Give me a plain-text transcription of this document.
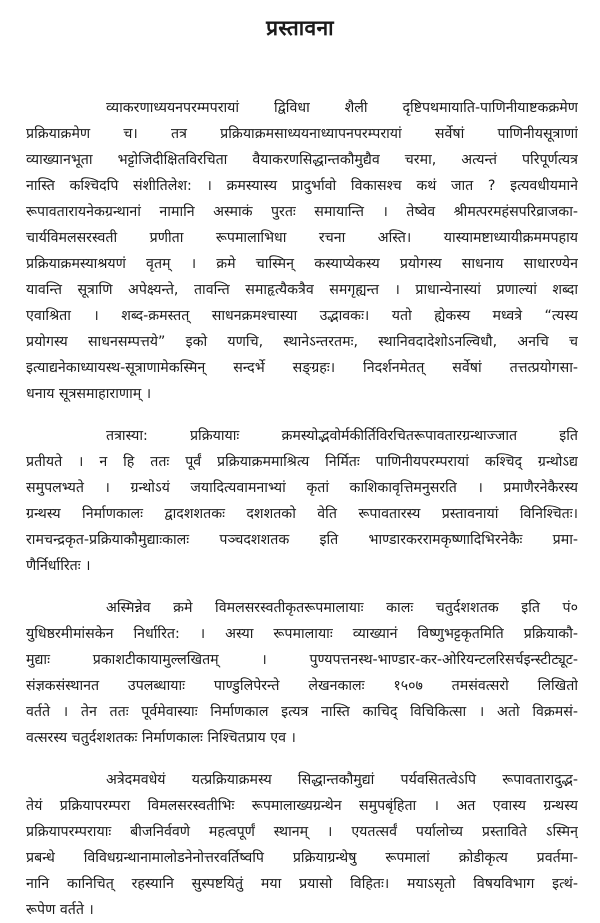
प्रस्तावना
व्याकरणाध्ययनपरम्मपरायां द्विविधा शैली दृष्टिपथमायाति-पाणिनीयाष्टकक्रमेण
प्रक्रियाक्रमेण च। तत्र प्रक्रियाक्रमसाध्ययनाध्यापनपरम्परायां सर्वेषां पाणिनीयसूत्राणां
व्याख्यानभूता भट्टोजिदीक्षितविरचिता वैयाकरणसिद्धान्तकौमुद्यैव चरमा, अत्यन्तं परिपूर्णत्यत्र
नास्ति कश्चिदपि संशीतिलेश: । क्रमस्यास्य प्रादुर्भावो विकासश्च कथं जात ? इत्यवधीयमाने
रूपावतारायनेकग्रन्थानां नामानि अस्माकं पुरतः समायान्ति । तेष्वेव श्रीमत्परमहंसपरिव्राजका-
चार्यविमलसरस्वती प्रणीता रूपमालाभिधा रचना अस्ति। यास्यामष्टाध्यायीक्रममपहाय
प्रक्रियाक्रमस्याश्रयणं वृतम् । क्रमे चास्मिन् कस्याप्येकस्य प्रयोगस्य साधनाय साधारण्येन
यावन्ति सूत्राणि अपेक्ष्यन्ते, तावन्ति समाहृत्यैकत्रैव समगृह्यन्त । प्राधान्येनास्यां प्रणाल्यां शब्दा
एवाश्रिता । शब्द-क्रमस्तत् साधनक्रमश्चास्या उद्भावकः। यतो ह्येकस्य मध्वत्रे “त्यस्य
प्रयोगस्य साधनसम्पत्तये” इको यणचि, स्थानेऽन्तरतमः, स्थानिवदादेशोऽनल्विधौ, अनचि च
इत्याद्यनेकाध्यायस्थ-सूत्राणामेकस्मिन् सन्दर्भे सङ्ग्रहः। निदर्शनमेतत् सर्वेषां तत्तत्प्रयोगसा-
धनाय सूत्रसमाहाराणाम् ।
तत्रास्या: प्रक्रियायाः क्रमस्योद्भवोर्मकीर्तिविरचितरूपावतारग्रन्थाज्जात इति
प्रतीयते । न हि ततः पूर्वं प्रक्रियाक्रममाश्रित्य निर्मितः पाणिनीयपरम्परायां कश्चिद् ग्रन्थोऽद्य
समुपलभ्यते । ग्रन्थोऽयं जयादित्यवामनाभ्यां कृतां काशिकावृत्तिमनुसरति । प्रमाणैरनेकैरस्य
ग्रन्थस्य निर्माणकालः द्वादशशतकः दशशतको वेति रूपावतारस्य प्रस्तावनायां विनिश्चितः।
रामचन्द्रकृत-प्रक्रियाकौमुद्याःकालः पञ्चदशशतक इति भाण्डारकररामकृष्णादिभिरनेकैः प्रमा-
णैर्निर्धारितः ।
अस्मिन्नेव क्रमे विमलसरस्वतीकृतरूपमालायाः कालः चतुर्दशशतक इति पं०
युधिष्ठरमीमांसकेन निर्धारित: । अस्या रूपमालायाः व्याख्यानं विष्णुभट्टकृतमिति प्रक्रियाकौ-
मुद्याः प्रकाशटीकायामुल्लखितम् । पुण्यपत्तनस्थ-भाण्डार-कर-ओरियन्टलरिसर्चइन्स्टीट्यूट-
संज्ञकसंस्थानत उपलब्धायाः पाण्डुलिपेरन्ते लेखनकालः १५०७ तमसंवत्सरो लिखितो
वर्तते । तेन ततः पूर्वमेवास्याः निर्माणकाल इत्यत्र नास्ति काचिद् विचिकित्सा । अतो विक्रमसं-
वत्सरस्य चतुर्दशशतकः निर्माणकालः निश्चितप्राय एव ।
अत्रेदमवधेयं यत्प्रक्रियाक्रमस्य सिद्धान्तकौमुद्यां पर्यवसितत्वेऽपि रूपावतारादुद्भ-
तेयं प्रक्रियापरम्परा विमलसरस्वतीभिः रूपमालाख्यग्रन्थेन समुपबृंहिता । अत एवास्य ग्रन्थस्य
प्रक्रियापरम्परायाः बीजनिर्ववणे महत्वपूर्णं स्थानम् । एयतत्सर्वं पर्यालोच्य प्रस्ताविते ऽस्मिन्
प्रबन्धे विविधग्रन्थानामालोडनेनोत्तरवर्तिष्वपि प्रक्रियाग्रन्थेषु रूपमालां क्रोडीकृत्य प्रवर्तमा-
नानि कानिचित् रहस्यानि सुस्पष्टयितुं मया प्रयासो विहितः। मयाऽसृतो विषयविभाग इत्थं-
रूपेण वर्तते ।
